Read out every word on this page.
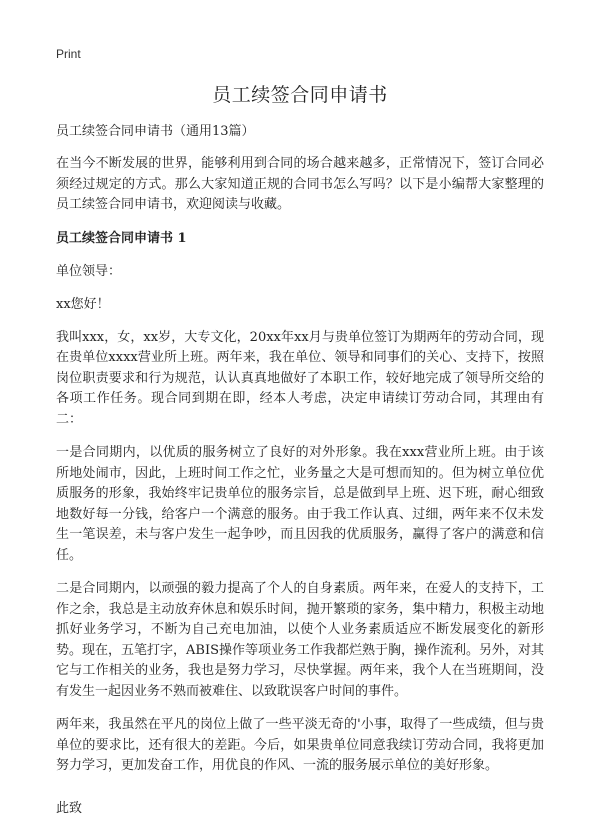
Print
员工续签合同申请书

员工续签合同申请书（通用13篇）

在当今不断发展的世界，能够利用到合同的场合越来越多，正常情况下，签订合同必须经过规定的方式。那么大家知道正规的合同书怎么写吗？以下是小编帮大家整理的员工续签合同申请书，欢迎阅读与收藏。

员工续签合同申请书 1

单位领导：

xx您好！

我叫xxx，女，xx岁，大专文化，20xx年xx月与贵单位签订为期两年的劳动合同，现在贵单位xxxx营业所上班。两年来，我在单位、领导和同事们的关心、支持下，按照岗位职责要求和行为规范，认认真真地做好了本职工作，较好地完成了领导所交给的各项工作任务。现合同到期在即，经本人考虑，决定申请续订劳动合同，其理由有二：

一是合同期内，以优质的服务树立了良好的对外形象。我在xxx营业所上班。由于该所地处闹市，因此，上班时间工作之忙，业务量之大是可想而知的。但为树立单位优质服务的形象，我始终牢记贵单位的服务宗旨，总是做到早上班、迟下班，耐心细致地数好每一分钱，给客户一个满意的服务。由于我工作认真、过细，两年来不仅未发生一笔误差，未与客户发生一起争吵，而且因我的优质服务，赢得了客户的满意和信任。

二是合同期内，以顽强的毅力提高了个人的自身素质。两年来，在爱人的支持下，工作之余，我总是主动放弃休息和娱乐时间，抛开繁琐的家务，集中精力，积极主动地抓好业务学习，不断为自己充电加油，以使个人业务素质适应不断发展变化的新形势。现在，五笔打字，ABIS操作等项业务工作我都烂熟于胸，操作流利。另外，对其它与工作相关的业务，我也是努力学习，尽快掌握。两年来，我个人在当班期间，没有发生一起因业务不熟而被难住、以致耽误客户时间的事件。

两年来，我虽然在平凡的岗位上做了一些平淡无奇的'小事，取得了一些成绩，但与贵单位的要求比，还有很大的差距。今后，如果贵单位同意我续订劳动合同，我将更加努力学习，更加发奋工作，用优良的作风、一流的服务展示单位的美好形象。

此致
